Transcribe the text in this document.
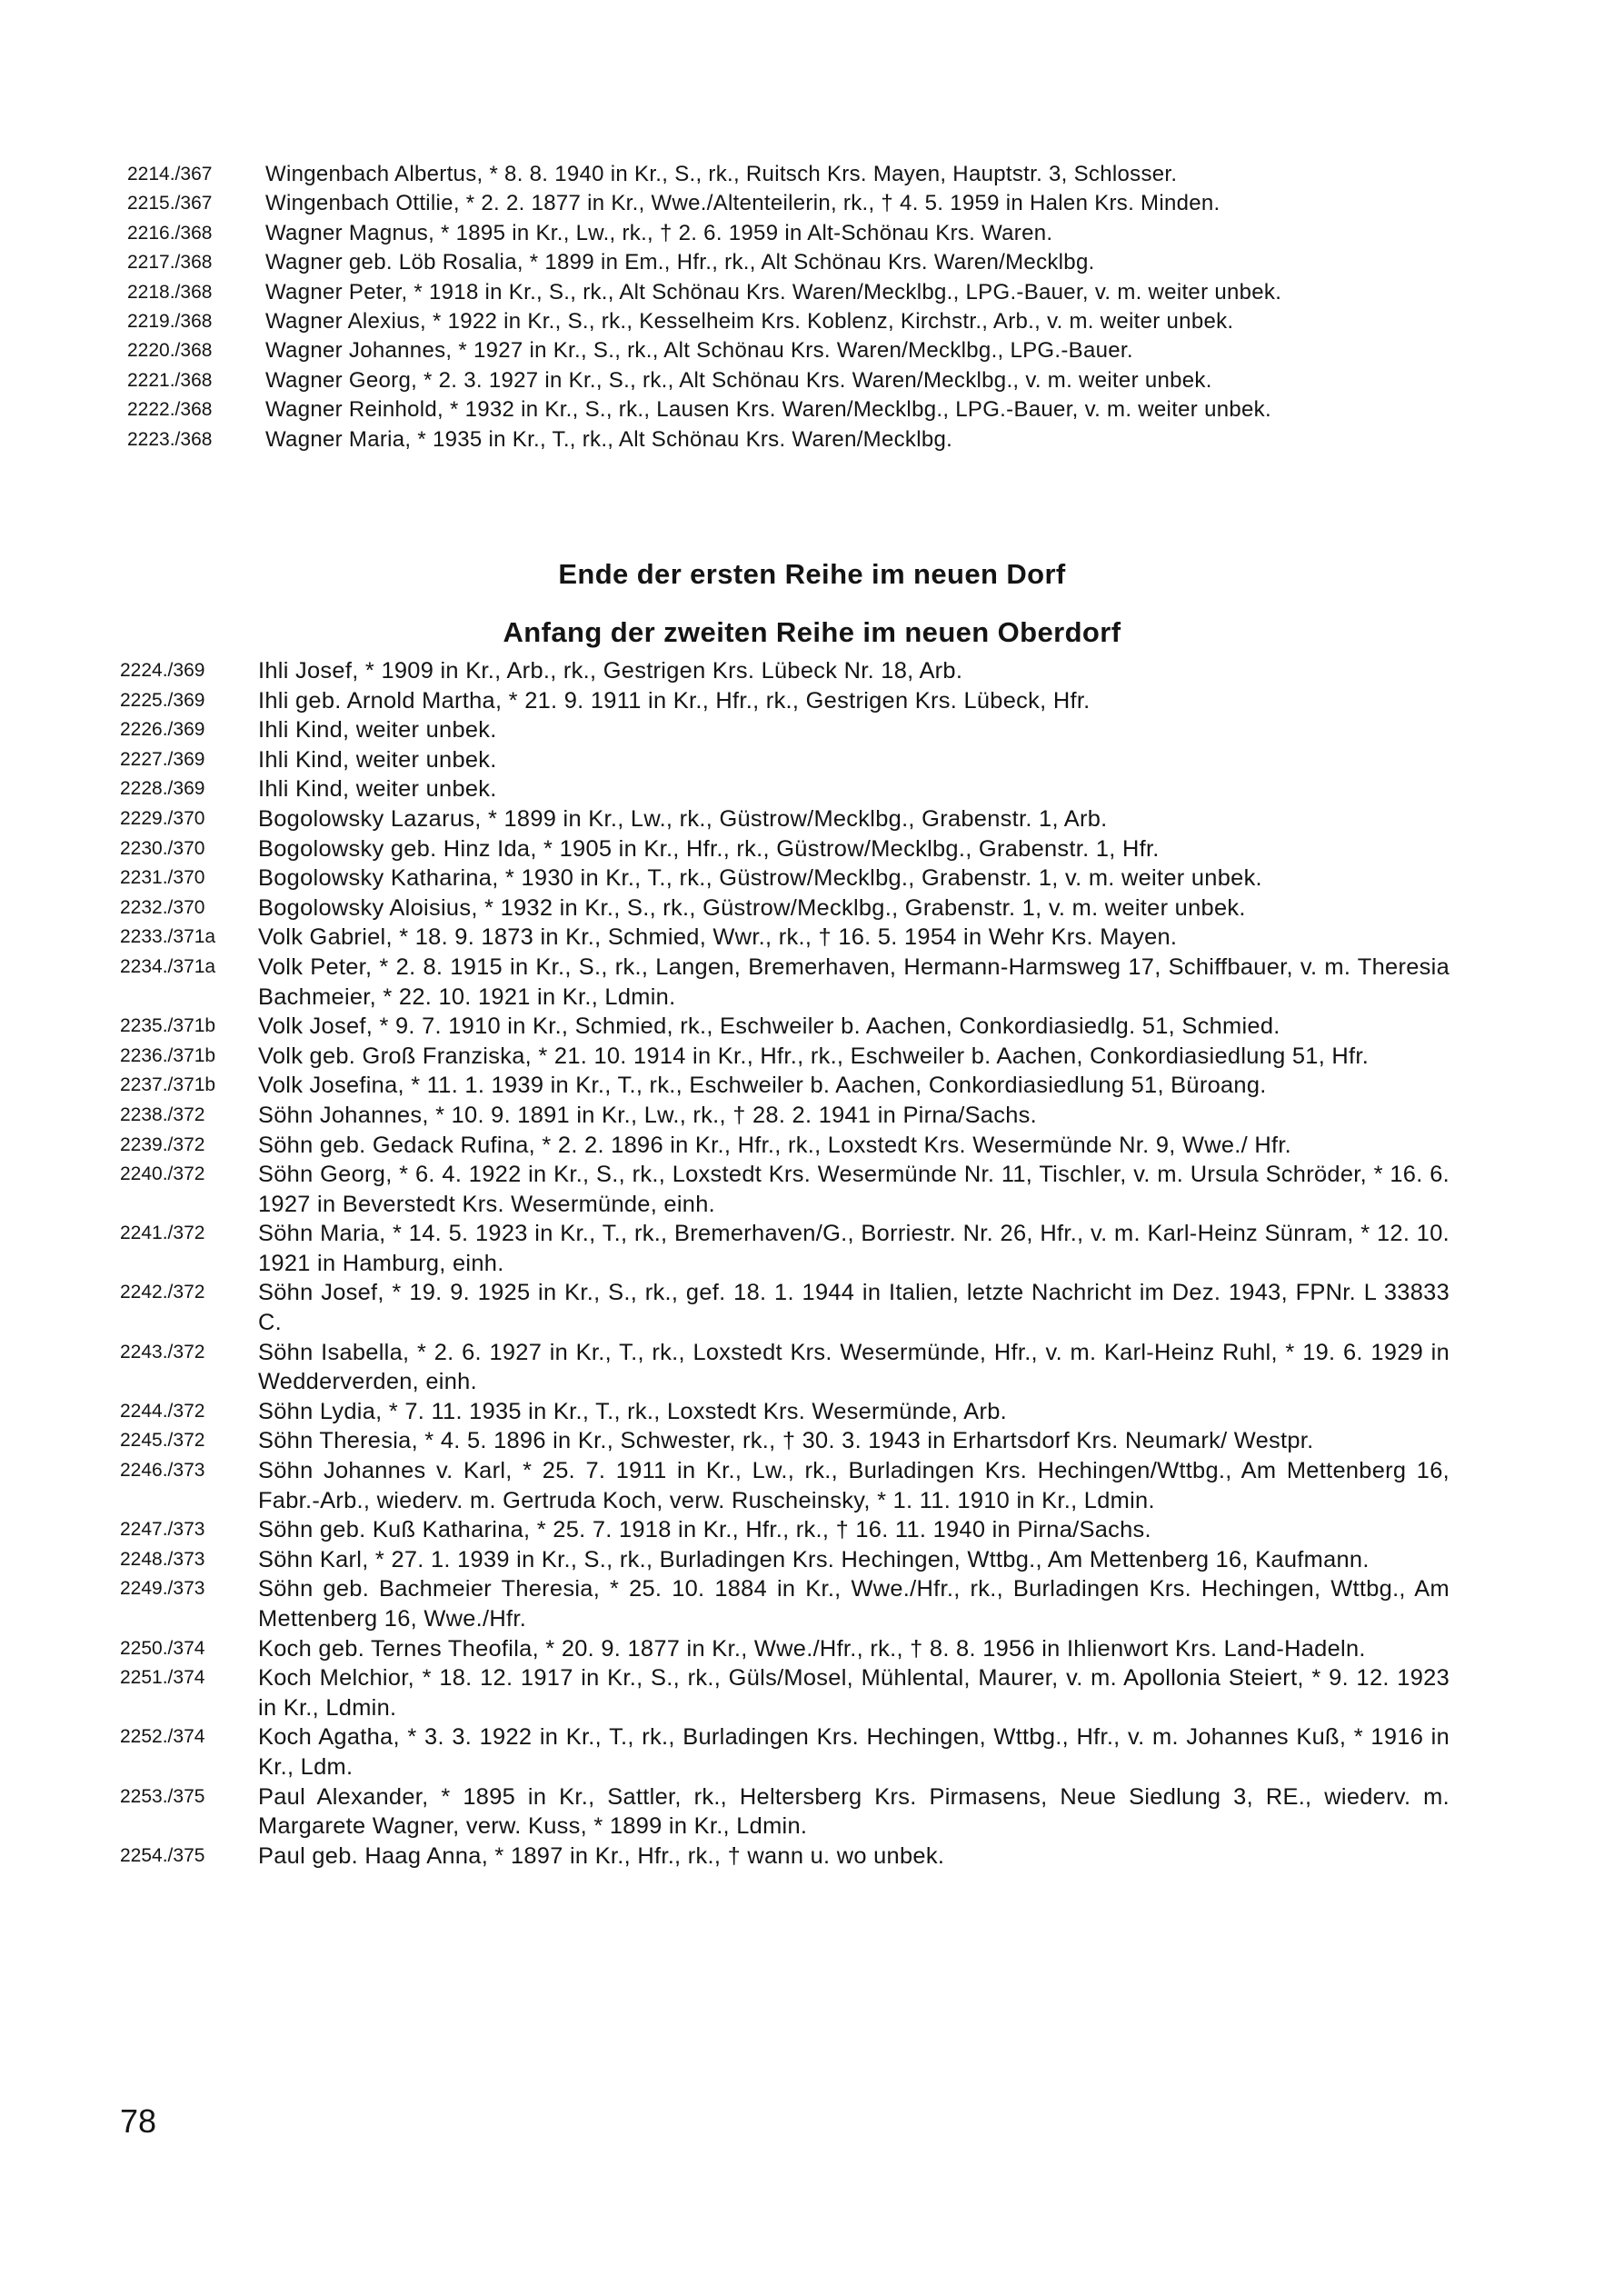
2214./367	Wingenbach Albertus, * 8. 8. 1940 in Kr., S., rk., Ruitsch Krs. Mayen, Hauptstr. 3, Schlosser.
2215./367	Wingenbach Ottilie, * 2. 2. 1877 in Kr., Wwe./Altenteilerin, rk., † 4. 5. 1959 in Halen Krs. Minden.
2216./368	Wagner Magnus, * 1895 in Kr., Lw., rk., † 2. 6. 1959 in Alt-Schönau Krs. Waren.
2217./368	Wagner geb. Löb Rosalia, * 1899 in Em., Hfr., rk., Alt Schönau Krs. Waren/Mecklbg.
2218./368	Wagner Peter, * 1918 in Kr., S., rk., Alt Schönau Krs. Waren/Mecklbg., LPG.-Bauer, v. m. weiter unbek.
2219./368	Wagner Alexius, * 1922 in Kr., S., rk., Kesselheim Krs. Koblenz, Kirchstr., Arb., v. m. weiter unbek.
2220./368	Wagner Johannes, * 1927 in Kr., S., rk., Alt Schönau Krs. Waren/Mecklbg., LPG.-Bauer.
2221./368	Wagner Georg, * 2. 3. 1927 in Kr., S., rk., Alt Schönau Krs. Waren/Mecklbg., v. m. weiter unbek.
2222./368	Wagner Reinhold, * 1932 in Kr., S., rk., Lausen Krs. Waren/Mecklbg., LPG.-Bauer, v. m. weiter unbek.
2223./368	Wagner Maria, * 1935 in Kr., T., rk., Alt Schönau Krs. Waren/Mecklbg.
Ende der ersten Reihe im neuen Dorf
Anfang der zweiten Reihe im neuen Oberdorf
2224./369	Ihli Josef, * 1909 in Kr., Arb., rk., Gestrigen Krs. Lübeck Nr. 18, Arb.
2225./369	Ihli geb. Arnold Martha, * 21. 9. 1911 in Kr., Hfr., rk., Gestrigen Krs. Lübeck, Hfr.
2226./369	Ihli Kind, weiter unbek.
2227./369	Ihli Kind, weiter unbek.
2228./369	Ihli Kind, weiter unbek.
2229./370	Bogolowsky Lazarus, * 1899 in Kr., Lw., rk., Güstrow/Mecklbg., Grabenstr. 1, Arb.
2230./370	Bogolowsky geb. Hinz Ida, * 1905 in Kr., Hfr., rk., Güstrow/Mecklbg., Grabenstr. 1, Hfr.
2231./370	Bogolowsky Katharina, * 1930 in Kr., T., rk., Güstrow/Mecklbg., Grabenstr. 1, v. m. weiter unbek.
2232./370	Bogolowsky Aloisius, * 1932 in Kr., S., rk., Güstrow/Mecklbg., Grabenstr. 1, v. m. weiter unbek.
2233./371a	Volk Gabriel, * 18. 9. 1873 in Kr., Schmied, Wwr., rk., † 16. 5. 1954 in Wehr Krs. Mayen.
2234./371a	Volk Peter, * 2. 8. 1915 in Kr., S., rk., Langen, Bremerhaven, Hermann-Harmsweg 17, Schiffbauer, v. m. Theresia Bachmeier, * 22. 10. 1921 in Kr., Ldmin.
2235./371b	Volk Josef, * 9. 7. 1910 in Kr., Schmied, rk., Eschweiler b. Aachen, Conkordiasiedlg. 51, Schmied.
2236./371b	Volk geb. Groß Franziska, * 21. 10. 1914 in Kr., Hfr., rk., Eschweiler b. Aachen, Conkordiasiedlung 51, Hfr.
2237./371b	Volk Josefina, * 11. 1. 1939 in Kr., T., rk., Eschweiler b. Aachen, Conkordiasiedlung 51, Büroang.
2238./372	Söhn Johannes, * 10. 9. 1891 in Kr., Lw., rk., † 28. 2. 1941 in Pirna/Sachs.
2239./372	Söhn geb. Gedack Rufina, * 2. 2. 1896 in Kr., Hfr., rk., Loxstedt Krs. Wesermünde Nr. 9, Wwe./ Hfr.
2240./372	Söhn Georg, * 6. 4. 1922 in Kr., S., rk., Loxstedt Krs. Wesermünde Nr. 11, Tischler, v. m. Ursula Schröder, * 16. 6. 1927 in Beverstedt Krs. Wesermünde, einh.
2241./372	Söhn Maria, * 14. 5. 1923 in Kr., T., rk., Bremerhaven/G., Borriestr. Nr. 26, Hfr., v. m. Karl-Heinz Sünram, * 12. 10. 1921 in Hamburg, einh.
2242./372	Söhn Josef, * 19. 9. 1925 in Kr., S., rk., gef. 18. 1. 1944 in Italien, letzte Nachricht im Dez. 1943, FPNr. L 33833 C.
2243./372	Söhn Isabella, * 2. 6. 1927 in Kr., T., rk., Loxstedt Krs. Wesermünde, Hfr., v. m. Karl-Heinz Ruhl, * 19. 6. 1929 in Wedderverden, einh.
2244./372	Söhn Lydia, * 7. 11. 1935 in Kr., T., rk., Loxstedt Krs. Wesermünde, Arb.
2245./372	Söhn Theresia, * 4. 5. 1896 in Kr., Schwester, rk., † 30. 3. 1943 in Erhartsdorf Krs. Neumark/ Westpr.
2246./373	Söhn Johannes v. Karl, * 25. 7. 1911 in Kr., Lw., rk., Burladingen Krs. Hechingen/Wttbg., Am Mettenberg 16, Fabr.-Arb., wiederv. m. Gertruda Koch, verw. Ruscheinsky, * 1. 11. 1910 in Kr., Ldmin.
2247./373	Söhn geb. Kuß Katharina, * 25. 7. 1918 in Kr., Hfr., rk., † 16. 11. 1940 in Pirna/Sachs.
2248./373	Söhn Karl, * 27. 1. 1939 in Kr., S., rk., Burladingen Krs. Hechingen, Wttbg., Am Mettenberg 16, Kaufmann.
2249./373	Söhn geb. Bachmeier Theresia, * 25. 10. 1884 in Kr., Wwe./Hfr., rk., Burladingen Krs. Hechingen, Wttbg., Am Mettenberg 16, Wwe./Hfr.
2250./374	Koch geb. Ternes Theofila, * 20. 9. 1877 in Kr., Wwe./Hfr., rk., † 8. 8. 1956 in Ihlienwort Krs. Land-Hadeln.
2251./374	Koch Melchior, * 18. 12. 1917 in Kr., S., rk., Güls/Mosel, Mühlental, Maurer, v. m. Apollonia Steiert, * 9. 12. 1923 in Kr., Ldmin.
2252./374	Koch Agatha, * 3. 3. 1922 in Kr., T., rk., Burladingen Krs. Hechingen, Wttbg., Hfr., v. m. Johannes Kuß, * 1916 in Kr., Ldm.
2253./375	Paul Alexander, * 1895 in Kr., Sattler, rk., Heltersberg Krs. Pirmasens, Neue Siedlung 3, RE., wiederv. m. Margarete Wagner, verw. Kuss, * 1899 in Kr., Ldmin.
2254./375	Paul geb. Haag Anna, * 1897 in Kr., Hfr., rk., † wann u. wo unbek.
78
